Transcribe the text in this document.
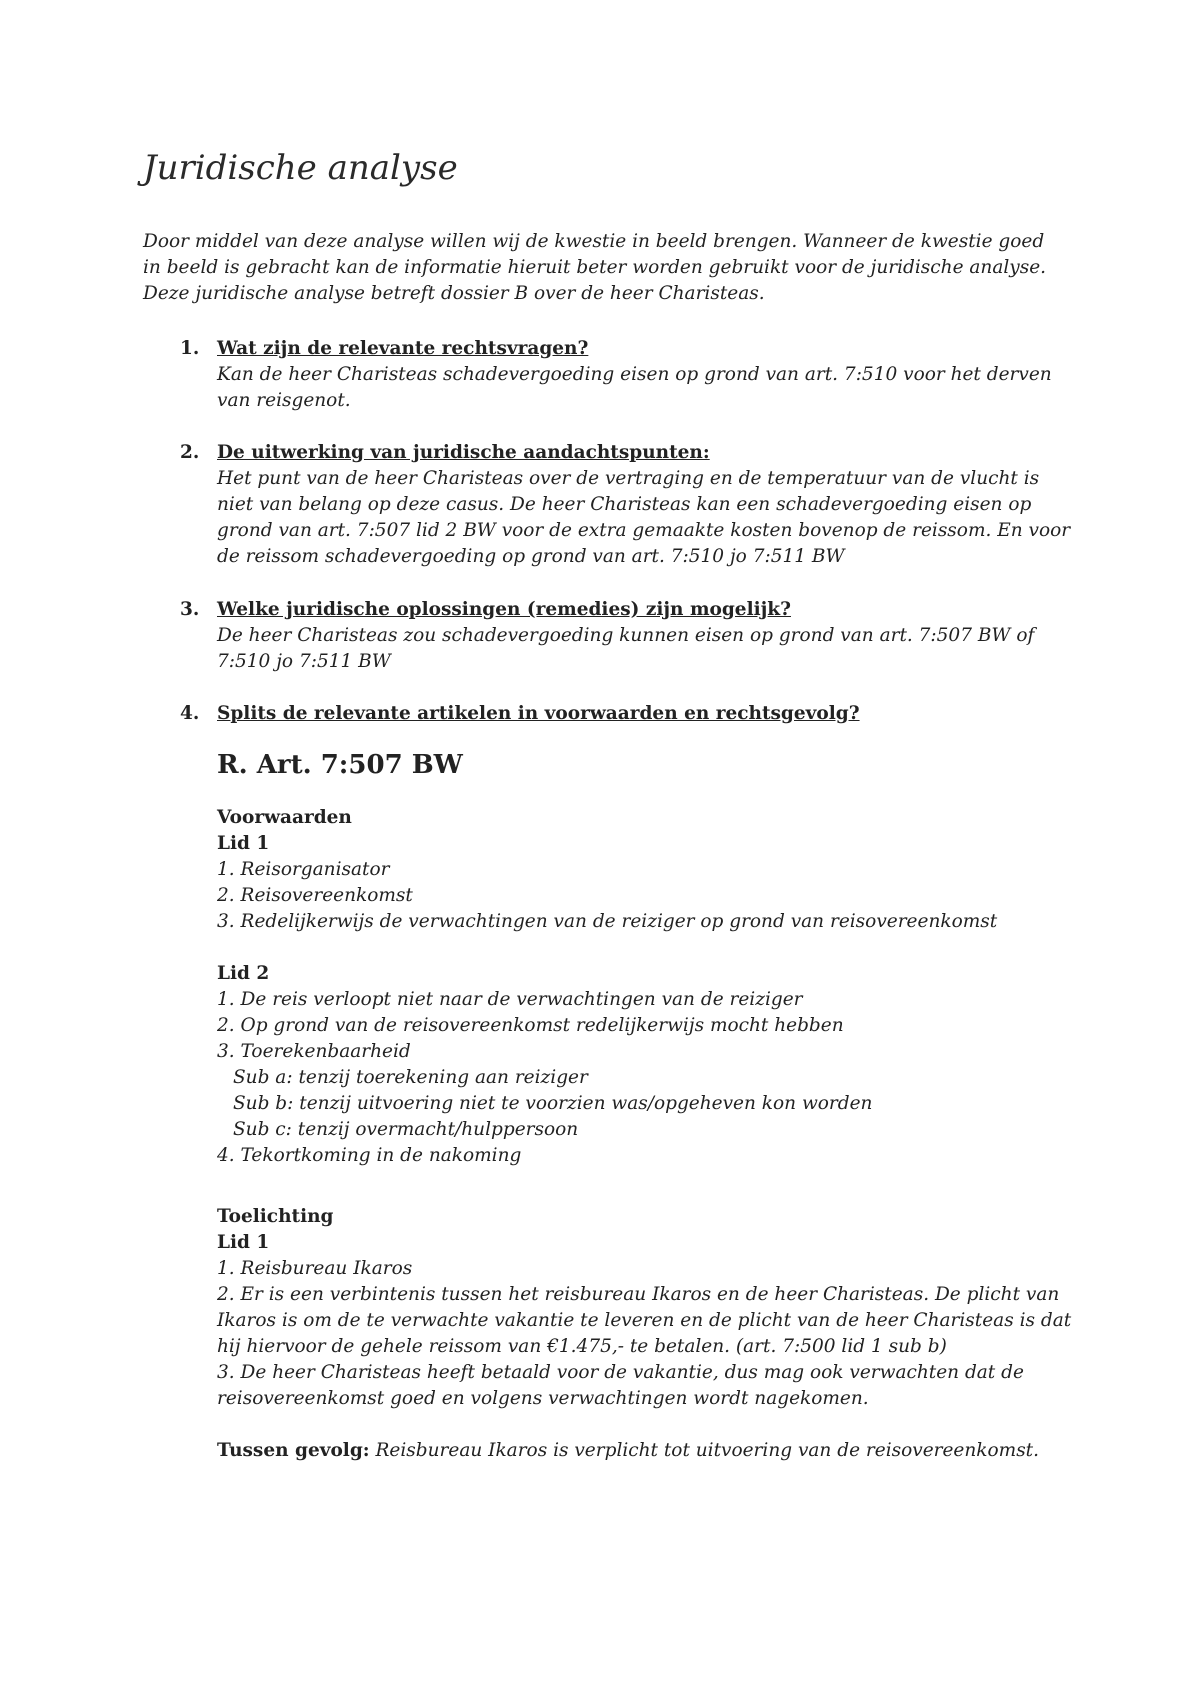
Juridische analyse

Door middel van deze analyse willen wij de kwestie in beeld brengen. Wanneer de kwestie goed in beeld is gebracht kan de informatie hieruit beter worden gebruikt voor de juridische analyse. Deze juridische analyse betreft dossier B over de heer Charisteas.

1. Wat zijn de relevante rechtsvragen?
Kan de heer Charisteas schadevergoeding eisen op grond van art. 7:510 voor het derven van reisgenot.
2. De uitwerking van juridische aandachtspunten:
Het punt van de heer Charisteas over de vertraging en de temperatuur van de vlucht is niet van belang op deze casus. De heer Charisteas kan een schadevergoeding eisen op grond van art. 7:507 lid 2 BW voor de extra gemaakte kosten bovenop de reissom. En voor de reissom schadevergoeding op grond van art. 7:510 jo 7:511 BW
3. Welke juridische oplossingen (remedies) zijn mogelijk?
De heer Charisteas zou schadevergoeding kunnen eisen op grond van art. 7:507 BW of 7:510 jo 7:511 BW
4. Splits de relevante artikelen in voorwaarden en rechtsgevolg?
R. Art. 7:507 BW
Voorwaarden
Lid 1
1. Reisorganisator
2. Reisovereenkomst
3. Redelijkerwijs de verwachtingen van de reiziger op grond van reisovereenkomst
Lid 2
1. De reis verloopt niet naar de verwachtingen van de reiziger
2. Op grond van de reisovereenkomst redelijkerwijs mocht hebben
3. Toerekenbaarheid
Sub a: tenzij toerekening aan reiziger
Sub b: tenzij uitvoering niet te voorzien was/opgeheven kon worden
Sub c: tenzij overmacht/hulppersoon
4. Tekortkoming in de nakoming
Toelichting
Lid 1
1. Reisbureau Ikaros
2. Er is een verbintenis tussen het reisbureau Ikaros en de heer Charisteas. De plicht van Ikaros is om de te verwachte vakantie te leveren en de plicht van de heer Charisteas is dat hij hiervoor de gehele reissom van €1.475,- te betalen. (art. 7:500 lid 1 sub b)
3. De heer Charisteas heeft betaald voor de vakantie, dus mag ook verwachten dat de reisovereenkomst goed en volgens verwachtingen wordt nagekomen.
Tussen gevolg: Reisbureau Ikaros is verplicht tot uitvoering van de reisovereenkomst.
